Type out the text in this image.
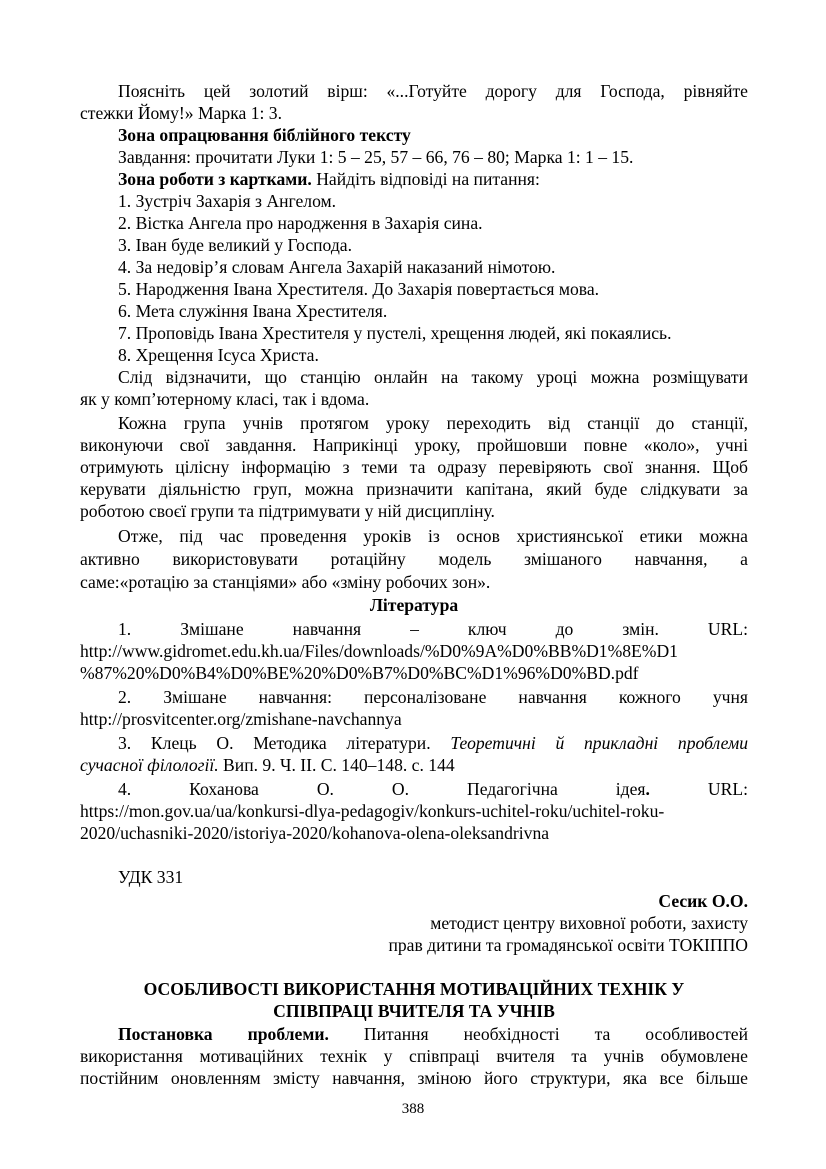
Поясніть цей золотий вірш: «...Готуйте дорогу для Господа, рівняйте
стежки Йому!» Марка 1: 3.
Зона опрацювання біблійного тексту
Завдання: прочитати Луки 1: 5 – 25, 57 – 66, 76 – 80; Марка 1: 1 – 15.
Зона роботи з картками. Найдіть відповіді на питання:
1. Зустріч Захарія з Ангелом.
2. Вістка Ангела про народження в Захарія сина.
3. Іван буде великий у Господа.
4. За недовір’я словам Ангела Захарій наказаний німотою.
5. Народження Івана Хрестителя. До Захарія повертається мова.
6. Мета служіння Івана Хрестителя.
7. Проповідь Івана Хрестителя у пустелі, хрещення людей, які покаялись.
8. Хрещення Ісуса Христа.
Слід відзначити, що станцію онлайн на такому уроці можна розміщувати
як у комп’ютерному класі, так і вдома.
Кожна група учнів протягом уроку переходить від станції до станції,
виконуючи свої завдання. Наприкінці уроку, пройшовши повне «коло», учні
отримують цілісну інформацію з теми та одразу перевіряють свої знання. Щоб
керувати діяльністю груп, можна призначити капітана, який буде слідкувати за
роботою своєї групи та підтримувати у ній дисципліну.
Отже, під час проведення уроків із основ християнської етики можна
активно використовувати ротаційну модель змішаного навчання, а
саме:«ротацію за станціями» або «зміну робочих зон».
Література
1. Змішане навчання – ключ до змін. URL:
http://www.gidromet.edu.kh.ua/Files/downloads/%D0%9A%D0%BB%D1%8E%D1
%87%20%D0%B4%D0%BE%20%D0%B7%D0%BC%D1%96%D0%BD.pdf
2. Змішане навчання: персоналізоване навчання кожного учня
http://prosvitcenter.org/zmishane-navchannya
3. Клець О. Методика літератури. Теоретичні й прикладні проблеми
сучасної філології. Вип. 9. Ч. ІІ. С. 140–148. с. 144
4. Коханова О. О. Педагогічна ідея. URL:
https://mon.gov.ua/ua/konkursi-dlya-pedagogiv/konkurs-uchitel-roku/uchitel-roku-
2020/uchasniki-2020/istoriya-2020/kohanova-olena-oleksandrivna
УДК 331
Сесик О.О.
методист центру виховної роботи, захисту
прав дитини та громадянської освіти ТОКІППО
ОСОБЛИВОСТІ ВИКОРИСТАННЯ МОТИВАЦІЙНИХ ТЕХНІК У
СПІВПРАЦІ ВЧИТЕЛЯ ТА УЧНІВ
Постановка проблеми. Питання необхідності та особливостей
використання мотиваційних технік у співпраці вчителя та учнів обумовлене
постійним оновленням змісту навчання, зміною його структури, яка все більше
388
